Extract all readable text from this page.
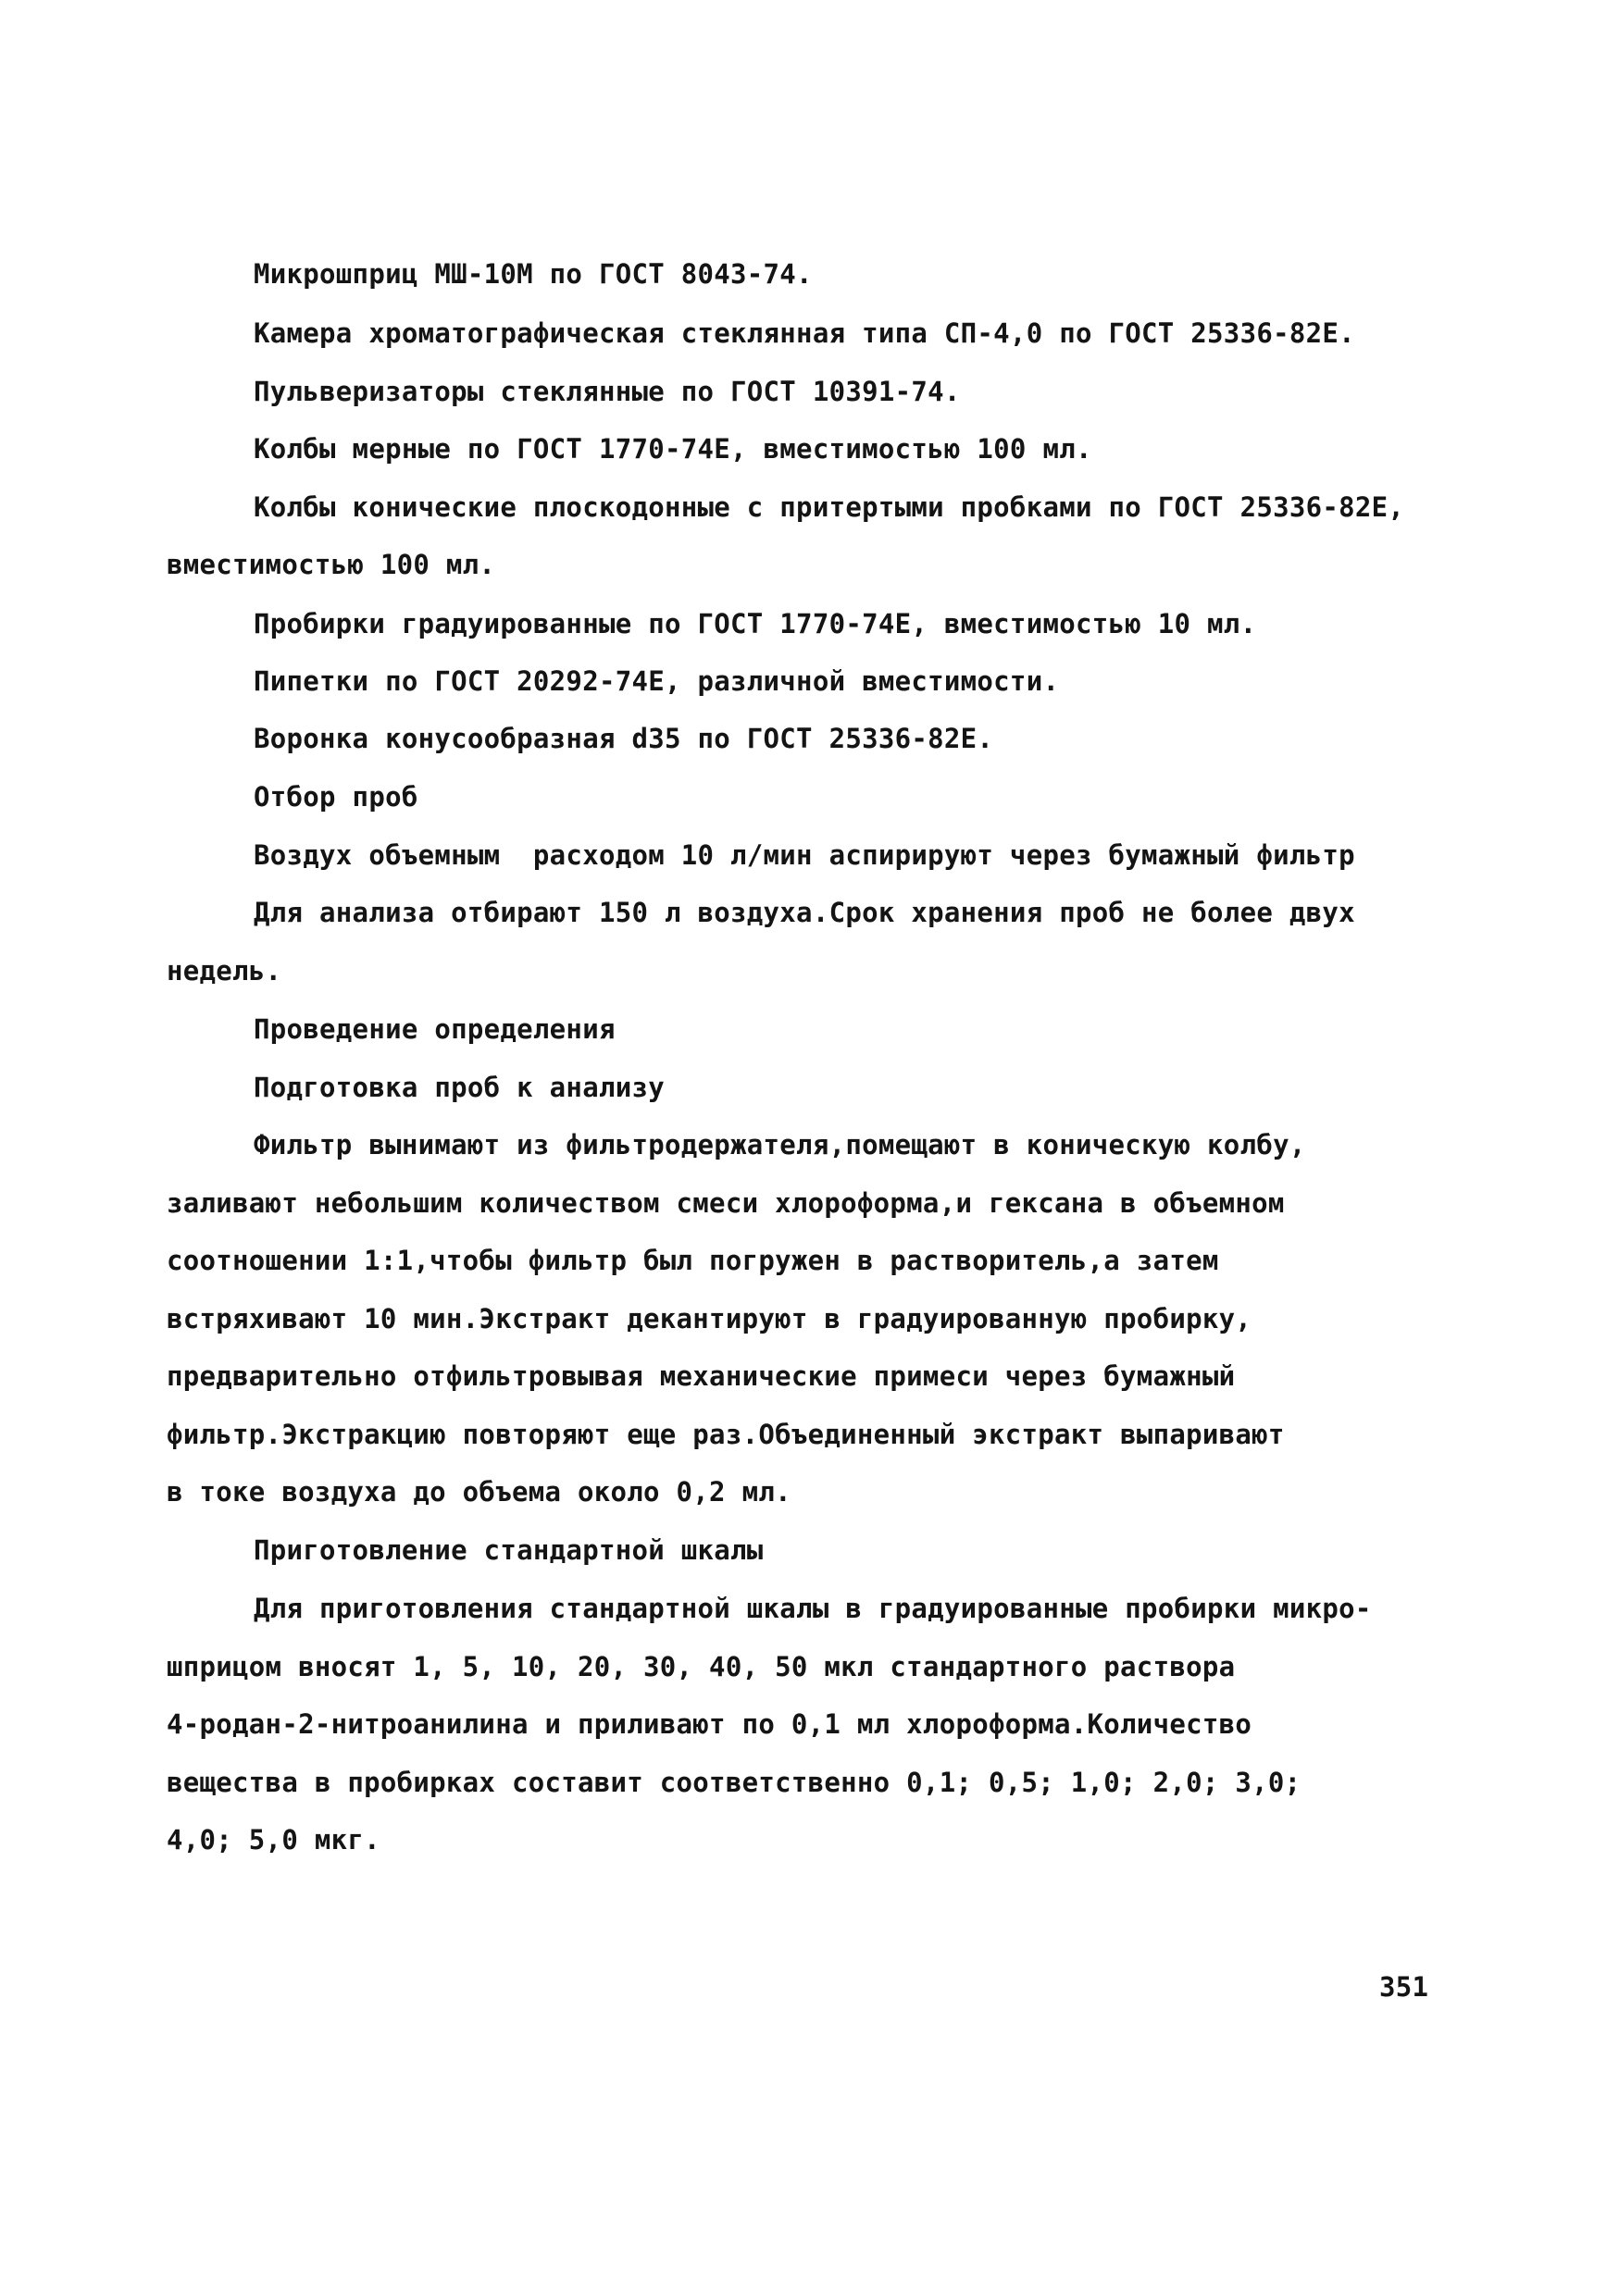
Микрошприц МШ-10М по ГОСТ 8043-74.
Камера хроматографическая стеклянная типа СП-4,0 по ГОСТ 25336-82Е.
Пульверизаторы стеклянные по ГОСТ 10391-74.
Колбы мерные по ГОСТ 1770-74Е, вместимостью 100 мл.
Колбы конические плоскодонные с притертыми пробками по ГОСТ 25336-82Е,
вместимостью 100 мл.
Пробирки градуированные по ГОСТ 1770-74Е, вместимостью 10 мл.
Пипетки по ГОСТ 20292-74Е, различной вместимости.
Воронка конусообразная d35 по ГОСТ 25336-82Е.
Отбор проб
Воздух объемным  расходом 10 л/мин аспирируют через бумажный фильтр
Для анализа отбирают 150 л воздуха.Срок хранения проб не более двух
недель.
Проведение определения
Подготовка проб к анализу
Фильтр вынимают из фильтродержателя,помещают в коническую колбу,
заливают небольшим количеством смеси хлороформа,и гексана в объемном
соотношении 1:1,чтобы фильтр был погружен в растворитель,а затем
встряхивают 10 мин.Экстракт декантируют в градуированную пробирку,
предварительно отфильтровывая механические примеси через бумажный
фильтр.Экстракцию повторяют еще раз.Объединенный экстракт выпаривают
в токе воздуха до объема около 0,2 мл.
Приготовление стандартной шкалы
Для приготовления стандартной шкалы в градуированные пробирки микро-
шприцом вносят 1, 5, 10, 20, 30, 40, 50 мкл стандартного раствора
4-родан-2-нитроанилина и приливают по 0,1 мл хлороформа.Количество
вещества в пробирках составит соответственно 0,1; 0,5; 1,0; 2,0; 3,0;
4,0; 5,0 мкг.
351
